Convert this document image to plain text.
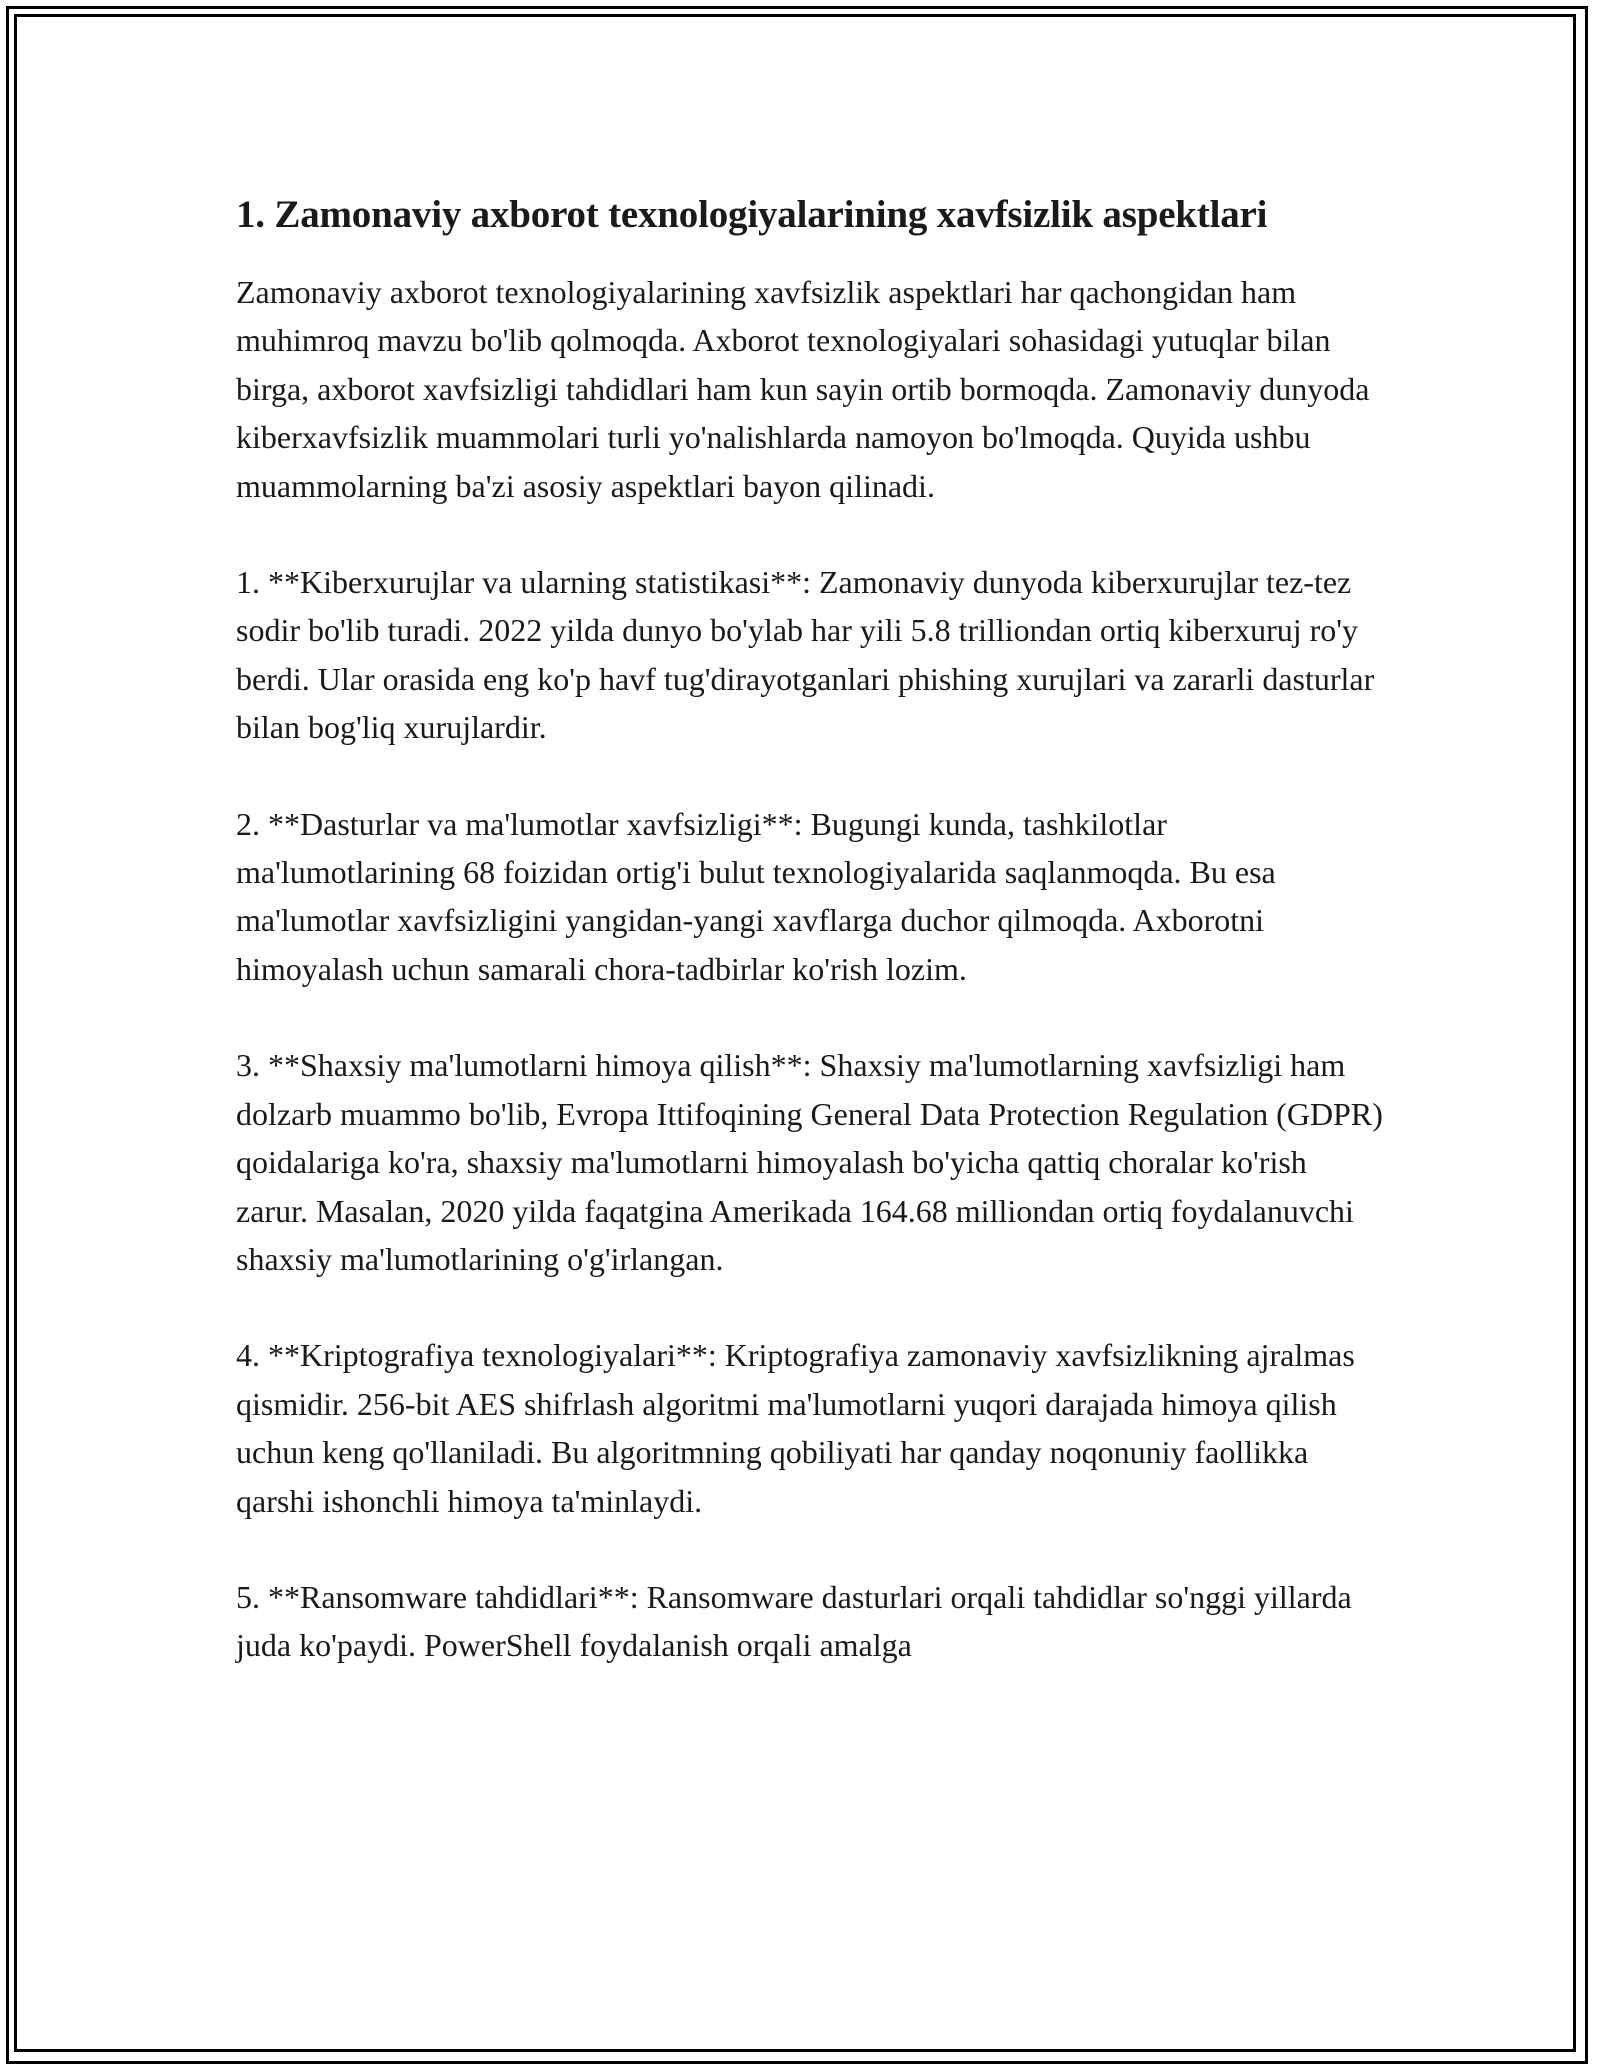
1. Zamonaviy axborot texnologiyalarining xavfsizlik aspektlari

Zamonaviy axborot texnologiyalarining xavfsizlik aspektlari har qachongidan ham muhimroq mavzu bo'lib qolmoqda. Axborot texnologiyalari sohasidagi yutuqlar bilan birga, axborot xavfsizligi tahdidlari ham kun sayin ortib bormoqda. Zamonaviy dunyoda kiberxavfsizlik muammolari turli yo'nalishlarda namoyon bo'lmoqda. Quyida ushbu muammolarning ba'zi asosiy aspektlari bayon qilinadi.

1. **Kiberxurujlar va ularning statistikasi**: Zamonaviy dunyoda kiberxurujlar tez-tez sodir bo'lib turadi. 2022 yilda dunyo bo'ylab har yili 5.8 trilliondan ortiq kiberxuruj ro'y berdi. Ular orasida eng ko'p havf tug'dirayotganlari phishing xurujlari va zararli dasturlar bilan bog'liq xurujlardir.

2. **Dasturlar va ma'lumotlar xavfsizligi**: Bugungi kunda, tashkilotlar ma'lumotlarining 68 foizidan ortig'i bulut texnologiyalarida saqlanmoqda. Bu esa ma'lumotlar xavfsizligini yangidan-yangi xavflarga duchor qilmoqda. Axborotni himoyalash uchun samarali chora-tadbirlar ko'rish lozim.

3. **Shaxsiy ma'lumotlarni himoya qilish**: Shaxsiy ma'lumotlarning xavfsizligi ham dolzarb muammo bo'lib, Evropa Ittifoqining General Data Protection Regulation (GDPR) qoidalariga ko'ra, shaxsiy ma'lumotlarni himoyalash bo'yicha qattiq choralar ko'rish zarur. Masalan, 2020 yilda faqatgina Amerikada 164.68 milliondan ortiq foydalanuvchi shaxsiy ma'lumotlarining o'g'irlangan.

4. **Kriptografiya texnologiyalari**: Kriptografiya zamonaviy xavfsizlikning ajralmas qismidir. 256-bit AES shifrlash algoritmi ma'lumotlarni yuqori darajada himoya qilish uchun keng qo'llaniladi. Bu algoritmning qobiliyati har qanday noqonuniy faollikka qarshi ishonchli himoya ta'minlaydi.

5. **Ransomware tahdidlari**: Ransomware dasturlari orqali tahdidlar so'nggi yillarda juda ko'paydi. PowerShell foydalanish orqali amalga
